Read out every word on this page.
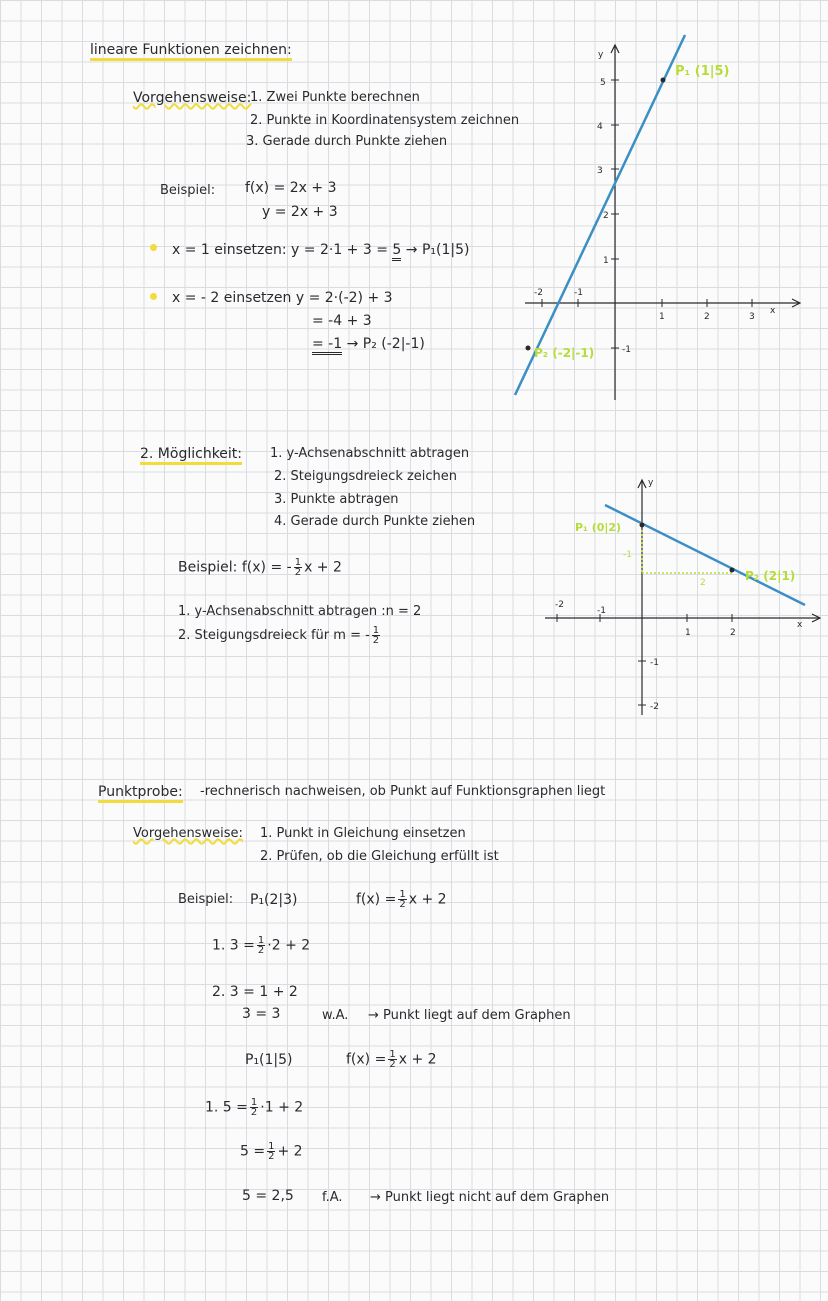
lineare Funktionen zeichnen:
Vorgehensweise:
1. Zwei Punkte berechnen
2. Punkte in Koordinatensystem zeichnen
3. Gerade durch Punkte ziehen
Beispiel: f(x) = 2x + 3
y = 2x + 3
x = 1 einsetzen: y = 2·1 + 3 = 5 → P₁(1|5)
x = - 2 einsetzen y = 2·(-2) + 3
= -4 + 3
= -1 → P₂ (-2|-1)
y
x
5
4
3
2
1
-1
-2	-1
1	2	3
P₁ (1|5)
P₂ (-2|-1)
2. Möglichkeit: 1. y-Achsenabschnitt abtragen
2. Steigungsdreieck zeichen
3. Punkte abtragen
4. Gerade durch Punkte ziehen
Beispiel: f(x) = - $\frac{1}{2}$ x + 2
1. y-Achsenabschnitt abtragen :n = 2
2. Steigungsdreieck für m = - $\frac{1}{2}$
y
x
-1
-2
-2
-1
1	2
-1
2
P₁ (0|2)
P₂ (2|1)
Punktprobe: -rechnerisch nachweisen, ob Punkt auf Funktionsgraphen liegt
Vorgehensweise: 1. Punkt in Gleichung einsetzen
2. Prüfen, ob die Gleichung erfüllt ist
Beispiel: P₁(2|3)	$f(x) = \frac{1}{2}$ x + 2
1. $3 = \frac{1}{2} \cdot 2 + 2$
2. 3 = 1 + 2
3 = 3	w.A. → Punkt liegt auf dem Graphen
P₁(1|5)	$f(x) = \frac{1}{2}$ x + 2
1. $5 = \frac{1}{2} \cdot 1 + 2$
$5 = \frac{1}{2} + 2$
5 = 2,5 f.A. → Punkt liegt nicht auf dem Graphen
